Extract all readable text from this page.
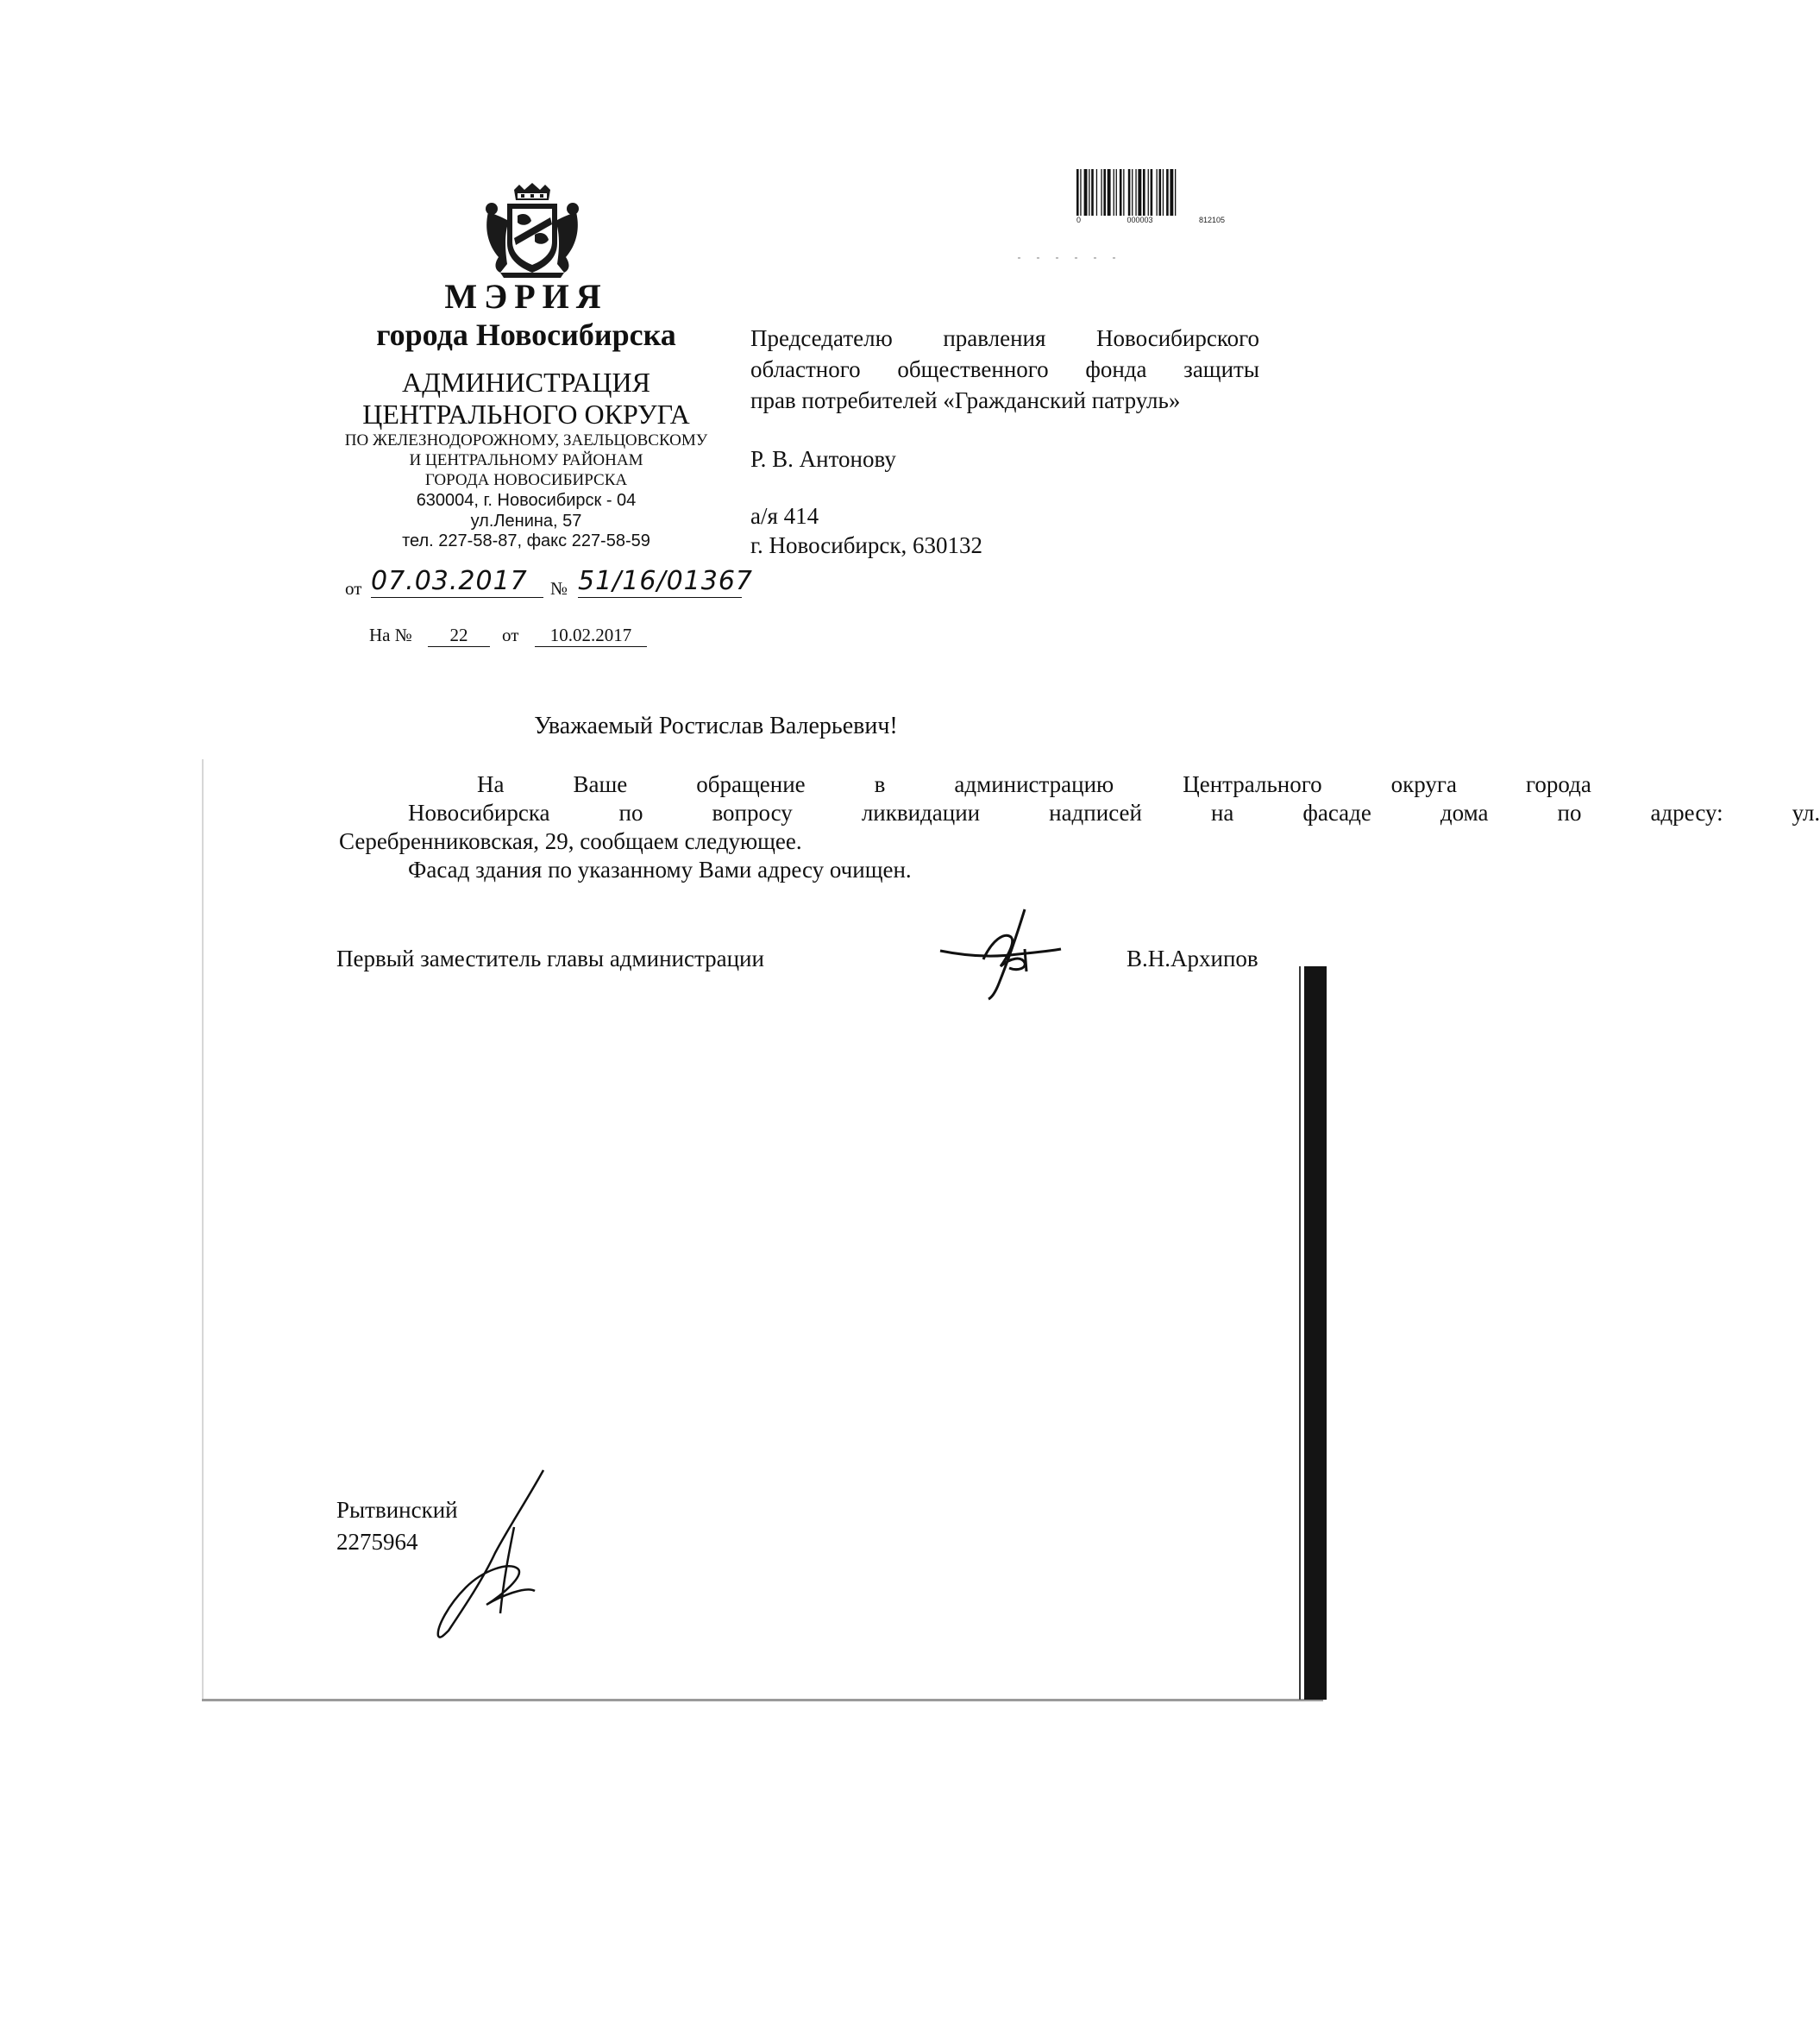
0	000003	812105
МЭРИЯ
города Новосибирска
АДМИНИСТРАЦИЯ
ЦЕНТРАЛЬНОГО ОКРУГА
ПО ЖЕЛЕЗНОДОРОЖНОМУ, ЗАЕЛЬЦОВСКОМУ
И ЦЕНТРАЛЬНОМУ РАЙОНАМ
ГОРОДА НОВОСИБИРСКА
630004, г. Новосибирск - 04
ул.Ленина, 57
тел. 227-58-87, факс 227-58-59
от 07.03.2017	№ 51/16/01367
На №	22	от	10.02.2017
Председателю правления Новосибирского
областного общественного фонда защиты
прав потребителей «Гражданский патруль»
Р. В. Антонову
а/я 414
г. Новосибирск, 630132
Уважаемый Ростислав Валерьевич!
На	Ваше	обращение	в	администрацию	Центрального	округа	города
Новосибирска	по	вопросу	ликвидации	надписей	на	фасаде	дома	по	адресу:	ул.
Серебренниковская, 29, сообщаем следующее.
Фасад здания по указанному Вами адресу очищен.
Первый заместитель главы администрации	В.Н.Архипов
Рытвинский
2275964
